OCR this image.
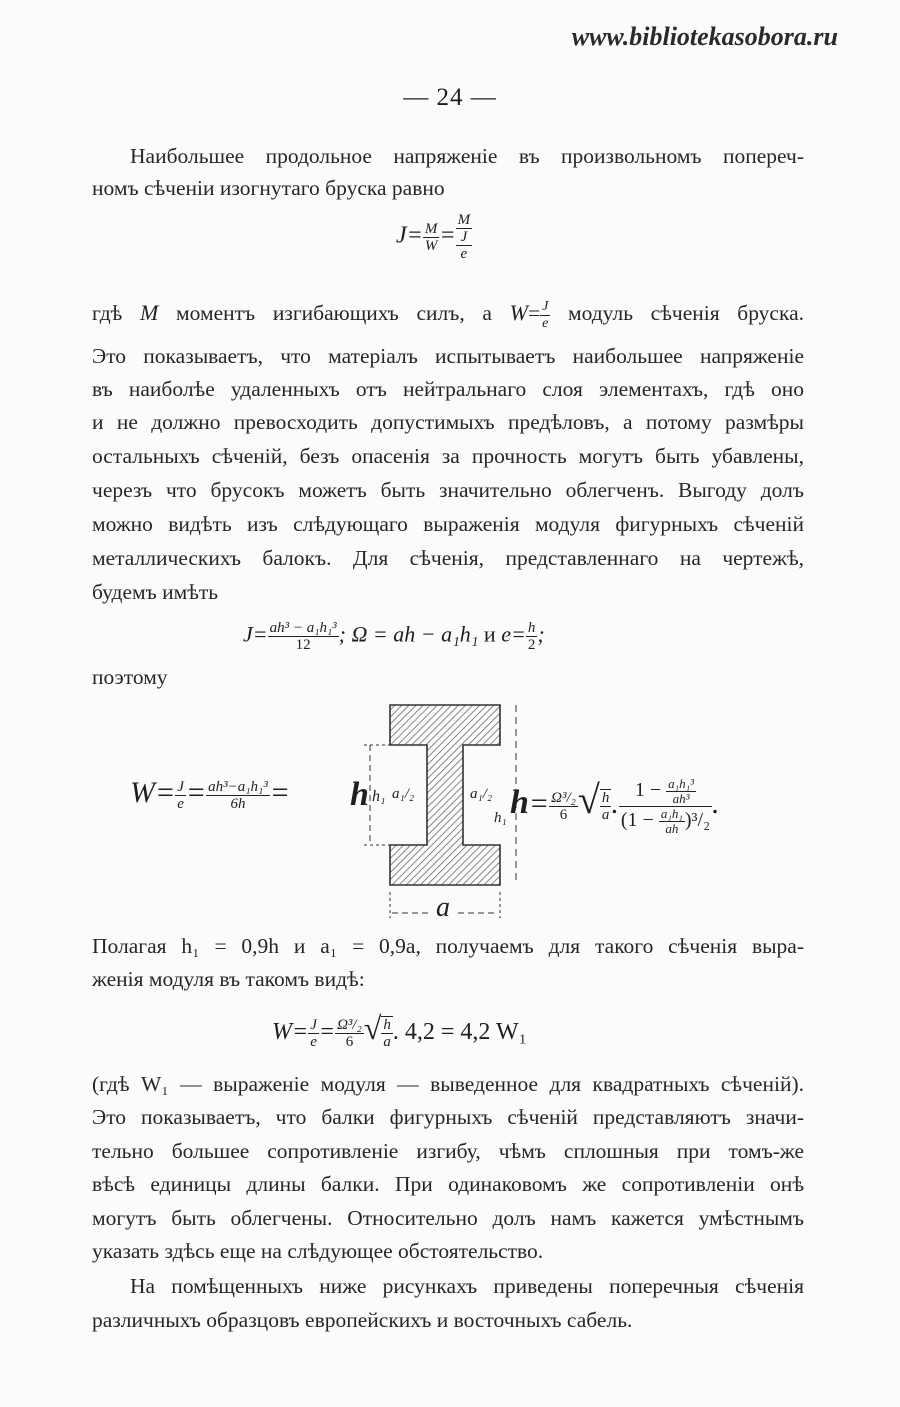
www.bibliotekasobora.ru
— 24 —
Наибольшее продольное напряженіе въ произвольномъ попереч-
номъ сѣченіи изогнутаго бруска равно
$J= \frac{M}{W}$ =
M
J
e
гдѣ M моментъ изгибающихъ силъ, а $W= \frac{J}{e}$ модуль сѣченія бруска.
Это показываетъ, что матеріалъ испытываетъ наибольшее напряженіе
въ наиболѣе удаленныхъ отъ нейтральнаго слоя элементахъ, гдѣ оно
и не должно превосходить допустимыхъ предѣловъ, а потому размѣры
остальныхъ сѣченій, безъ опасенія за прочность могутъ быть убавлены,
черезъ что брусокъ можетъ быть значительно облегченъ. Выгоду долъ
можно видѣть изъ слѣдующаго выраженія модуля фигурныхъ сѣченій
металлическихъ балокъ. Для сѣченія, представленнаго на чертежѣ,
будемъ имѣть
$J= \frac{\text{ah³ − a₁h₁³}}{12}$ ; Ω = ah − a₁h₁ и $e= \frac{h}{2}$ ;
поэтому
$W= \frac{J}{e} = \frac{\text{ah³−a₁h₁³}}{6h} = h$ h₁ a₁/₂	a₁/₂
h₁
a
$h= \frac{\text{Ω³/₂}}{6}$ √ $\frac{h}{a}$ . $\frac{1 - \frac{\text{a₁h₁³}}{\text{ah³}}}{(1 - \frac{\text{a₁h₁}}{ah} )^3/_2}$ .
Полагая h₁ = 0,9h и a₁ = 0,9a, получаемъ для такого сѣченія выра-
женія модуля въ такомъ видѣ:
$W= \frac{J}{e} = \frac{\text{Ω³/₂}}{6}$ √ $\frac{h}{a}$ . 4,2 = 4,2 W₁
(гдѣ W₁ — выраженіе модуля — выведенное для квадратныхъ сѣченій).
Это показываетъ, что балки фигурныхъ сѣченій представляютъ значи-
тельно большее сопротивленіе изгибу, чѣмъ сплошныя при томъ-же
вѣсѣ единицы длины балки. При одинаковомъ же сопротивленіи онѣ
могутъ быть облегчены. Относительно долъ намъ кажется умѣстнымъ
указать здѣсь еще на слѣдующее обстоятельство.
На помѣщенныхъ ниже рисункахъ приведены поперечныя сѣченія
различныхъ образцовъ европейскихъ и восточныхъ сабель.
